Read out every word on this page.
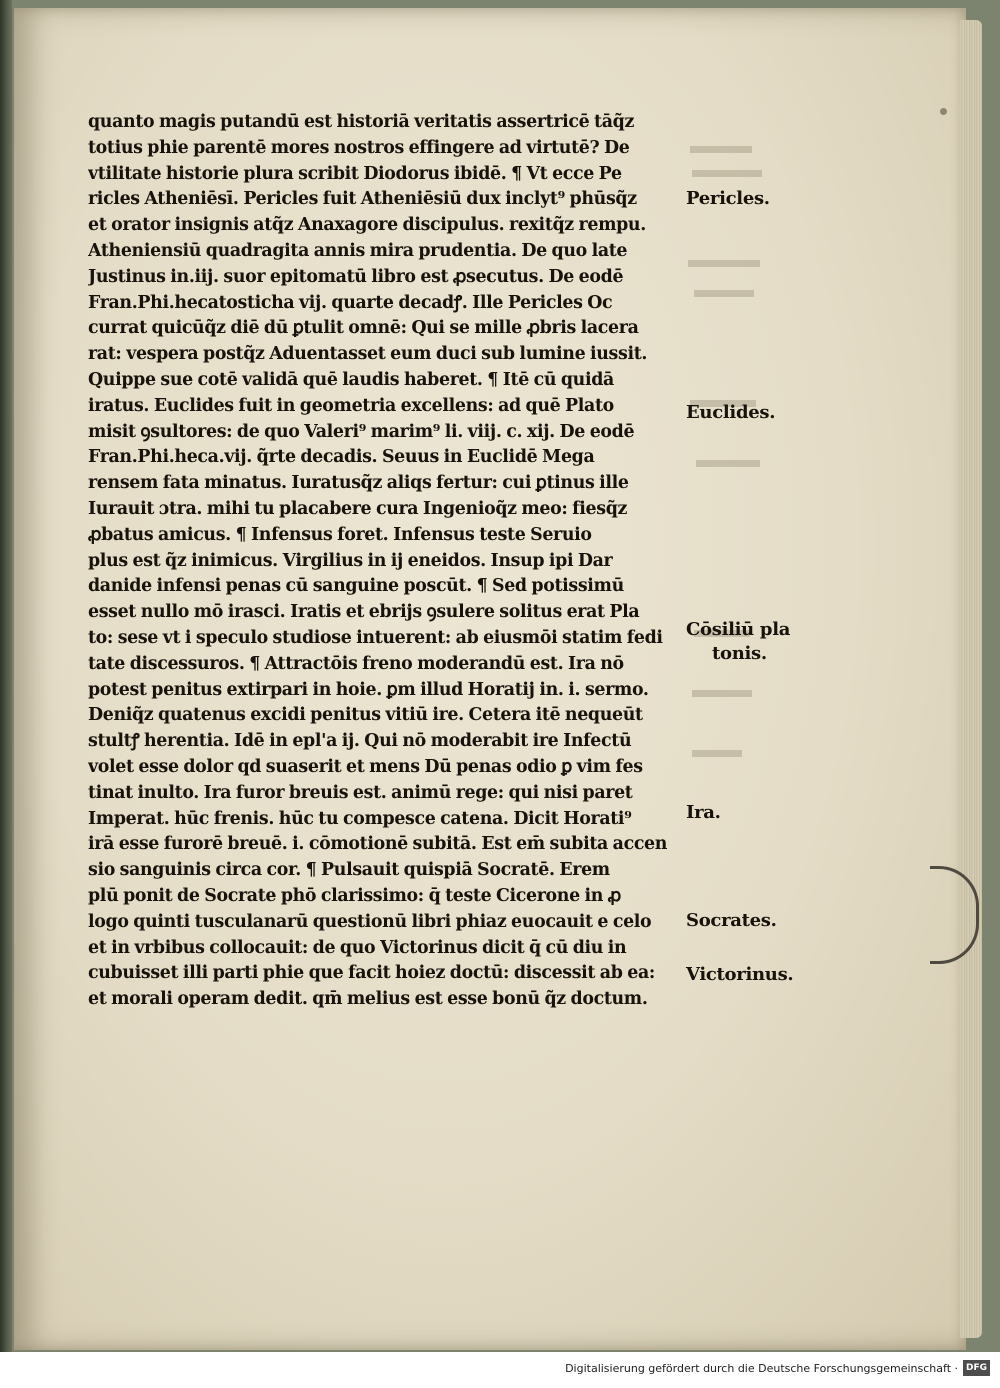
quanto magis putandū est historiā veritatis assertricē tāq̃z
totius phie parentē mores nostros effingere ad virtutē? De
vtilitate historie plura scribit Diodorus ibidē. ¶ Vt ecce Pe
ricles Atheniēsī. Pericles fuit Atheniēsiū dux inclyt⁹ phūsq̃z
et orator insignis atq̃z Anaxagore discipulus. rexitq̃z rempu.
Atheniensiū quadragita annis mira prudentia. De quo late
Justinus in.iij. suor epitomatū libro est ꝓsecutus. De eodē
Fran.Phi.hecatosticha vij. quarte decadꝭ. Ille Pericles Oc
currat quicūq̃z diē dū ꝑtulit omnē: Qui se mille ꝓbris lacera
rat: vespera postq̃z Aduentasset eum duci sub lumine iussit.
Quippe sue cotē validā quē laudis haberet. ¶ Itē cū quidā
iratus. Euclides fuit in geometria excellens: ad quē Plato
misit ꝯsultores: de quo Valeri⁹ marim⁹ li. viij. c. xij. De eodē
Fran.Phi.heca.vij. q̃rte decadis. Seuus in Euclidē Mega
rensem fata minatus. Iuratusq̃z aliqs fertur: cui ꝑtinus ille
Iurauit ɔtra. mihi tu placabere cura Ingenioq̃z meo: fiesq̃z
ꝓbatus amicus. ¶ Infensus foret. Infensus teste Seruio
plus est q̃z inimicus. Virgilius in ij eneidos. Insup ipi Dar
danide infensi penas cū sanguine poscūt. ¶ Sed potissimū
esset nullo mō irasci. Iratis et ebrijs ꝯsulere solitus erat Pla
to: sese vt i speculo studiose intuerent: ab eiusmōi statim fedi
tate discessuros. ¶ Attractōis freno moderandū est. Ira nō
potest penitus extirpari in hoie. ꝑm illud Horatij in. i. sermo.
Deniq̃z quatenus excidi penitus vitiū ire. Cetera itē nequeūt
stultꝭ herentia. Idē in epl'a ij. Qui nō moderabit ire Infectū
volet esse dolor qd suaserit et mens Dū penas odio ꝑ vim fes
tinat inulto. Ira furor breuis est. animū rege: qui nisi paret
Imperat. hūc frenis. hūc tu compesce catena. Dicit Horati⁹
irā esse furorē breuē. i. cōmotionē subitā. Est em̄ subita accen
sio sanguinis circa cor. ¶ Pulsauit quispiā Socratē. Erem
plū ponit de Socrate phō clarissimo: q̄ teste Cicerone in ꝓ
logo quinti tusculanarū questionū libri phiaz euocauit e celo
et in vrbibus collocauit: de quo Victorinus dicit q̄ cū diu in
cubuisset illi parti phie que facit hoiez doctū: discessit ab ea:
et morali operam dedit. qm̄ melius est esse bonū q̃z doctum.
Pericles.
Euclides.
Cōsiliū pla
tonis.
Ira.
Socrates.
Victorinus.
Digitalisierung gefördert durch die Deutsche Forschungsgemeinschaft · DFG
